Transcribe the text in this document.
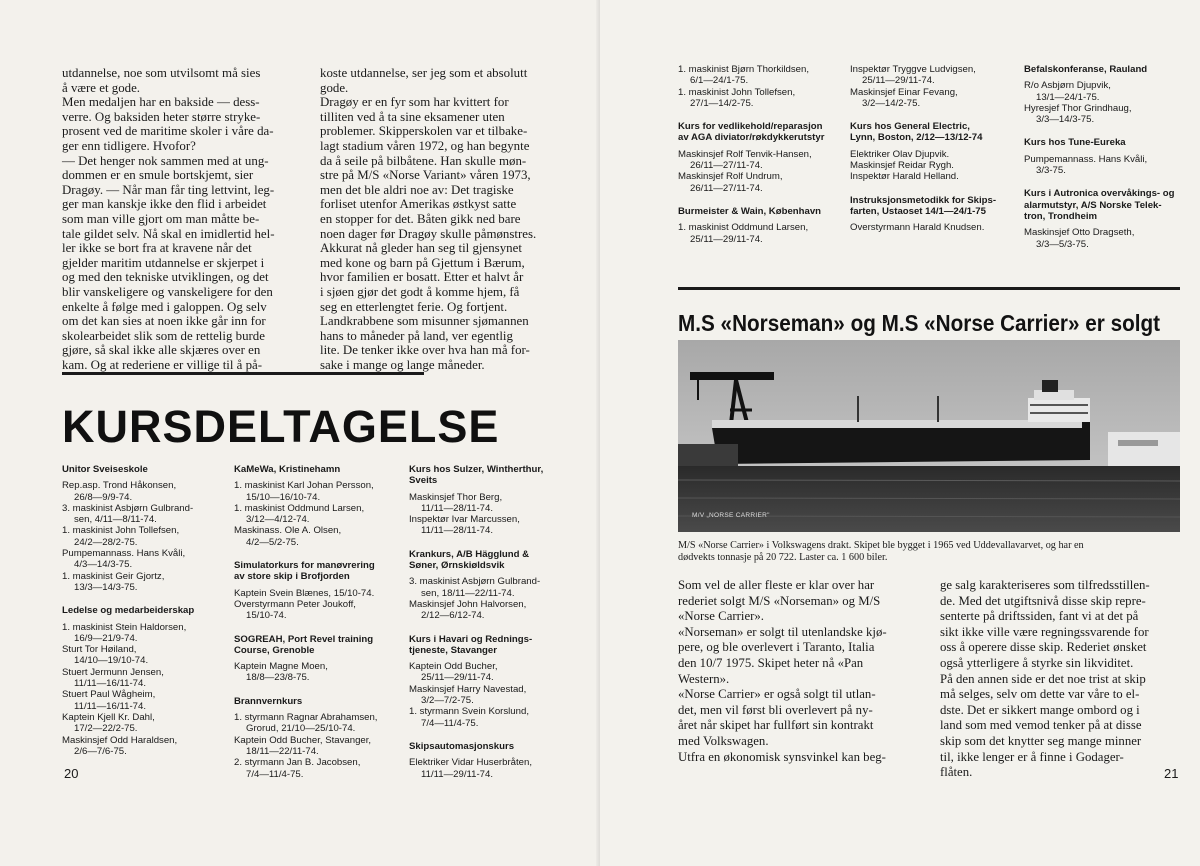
utdannelse, noe som utvilsomt må sies
å være et gode.
Men medaljen har en bakside — dess-
verre. Og baksiden heter større stryke-
prosent ved de maritime skoler i våre da-
ger enn tidligere. Hvofor?
— Det henger nok sammen med at ung-
dommen er en smule bortskjemt, sier
Dragøy. — Når man får ting lettvint, leg-
ger man kanskje ikke den flid i arbeidet
som man ville gjort om man måtte be-
tale gildet selv. Nå skal en imidlertid hel-
ler ikke se bort fra at kravene når det
gjelder maritim utdannelse er skjerpet i
og med den tekniske utviklingen, og det
blir vanskeligere og vanskeligere for den
enkelte å følge med i galoppen. Og selv
om det kan sies at noen ikke går inn for
skolearbeidet slik som de rettelig burde
gjøre, så skal ikke alle skjæres over en
kam. Og at rederiene er villige til å på-

koste utdannelse, ser jeg som et absolutt
gode.
Dragøy er en fyr som har kvittert for
tilliten ved å ta sine eksamener uten
problemer. Skipperskolen var et tilbake-
lagt stadium våren 1972, og han begynte
da å seile på bilbåtene. Han skulle møn-
stre på M/S «Norse Variant» våren 1973,
men det ble aldri noe av: Det tragiske
forliset utenfor Amerikas østkyst satte
en stopper for det. Båten gikk ned bare
noen dager før Dragøy skulle påmønstres.
Akkurat nå gleder han seg til gjensynet
med kone og barn på Gjettum i Bærum,
hvor familien er bosatt. Etter et halvt år
i sjøen gjør det godt å komme hjem, få
seg en etterlengtet ferie. Og fortjent.
Landkrabbene som misunner sjømannen
hans to måneder på land, ver egentlig
lite. De tenker ikke over hva han må for-
sake i mange og lange måneder.

KURSDELTAGELSE
Unitor Sveiseskole
Rep.asp. Trond Håkonsen,
26/8—9/9-74.
3. maskinist Asbjørn Gulbrand-
sen, 4/11—8/11-74.
1. maskinist John Tollefsen,
24/2—28/2-75.
Pumpemannass. Hans Kvåli,
4/3—14/3-75.
1. maskinist Geir Gjortz,
13/3—14/3-75.
Ledelse og medarbeiderskap
1. maskinist Stein Haldorsen,
16/9—21/9-74.
Sturt Tor Høiland,
14/10—19/10-74.
Stuert Jermunn Jensen,
11/11—16/11-74.
Stuert Paul Wågheim,
11/11—16/11-74.
Kaptein Kjell Kr. Dahl,
17/2—22/2-75.
Maskinsjef Odd Haraldsen,
2/6—7/6-75.
KaMeWa, Kristinehamn
1. maskinist Karl Johan Persson,
15/10—16/10-74.
1. maskinist Oddmund Larsen,
3/12—4/12-74.
Maskinass. Ole A. Olsen,
4/2—5/2-75.
Simulatorkurs for manøvrering
av store skip i Brofjorden
Kaptein Svein Blænes, 15/10-74.
Overstyrmann Peter Joukoff,
15/10-74.
SOGREAH, Port Revel training
Course, Grenoble
Kaptein Magne Moen,
18/8—23/8-75.
Brannvernkurs
1. styrmann Ragnar Abrahamsen,
Grorud, 21/10—25/10-74.
Kaptein Odd Bucher, Stavanger,
18/11—22/11-74.
2. styrmann Jan B. Jacobsen,
7/4—11/4-75.
Kurs hos Sulzer, Wintherthur,
Sveits
Maskinsjef Thor Berg,
11/11—28/11-74.
Inspektør Ivar Marcussen,
11/11—28/11-74.
Krankurs, A/B Hägglund &
Søner, Ørnskiøldsvik
3. maskinist Asbjørn Gulbrand-
sen, 18/11—22/11-74.
Maskinsjef John Halvorsen,
2/12—6/12-74.
Kurs i Havari og Rednings-
tjeneste, Stavanger
Kaptein Odd Bucher,
25/11—29/11-74.
Maskinsjef Harry Navestad,
3/2—7/2-75.
1. styrmann Svein Korslund,
7/4—11/4-75.
Skipsautomasjonskurs
Elektriker Vidar Huserbråten,
11/11—29/11-74.
20
1. maskinist Bjørn Thorkildsen,
6/1—24/1-75.
1. maskinist John Tollefsen,
27/1—14/2-75.
Kurs for vedlikehold/reparasjon
av AGA diviator/røkdykkerutstyr
Maskinsjef Rolf Tenvik-Hansen,
26/11—27/11-74.
Maskinsjef Rolf Undrum,
26/11—27/11-74.
Burmeister & Wain, København
1. maskinist Oddmund Larsen,
25/11—29/11-74.
Inspektør Tryggve Ludvigsen,
25/11—29/11-74.
Maskinsjef Einar Fevang,
3/2—14/2-75.
Kurs hos General Electric,
Lynn, Boston, 2/12—13/12-74
Elektriker Olav Djupvik.
Maskinsjef Reidar Rygh.
Inspektør Harald Helland.
Instruksjonsmetodikk for Skips-
farten, Ustaoset 14/1—24/1-75
Overstyrmann Harald Knudsen.
Befalskonferanse, Rauland
R/o Asbjørn Djupvik,
13/1—24/1-75.
Hyresjef Thor Grindhaug,
3/3—14/3-75.
Kurs hos Tune-Eureka
Pumpemannass. Hans Kvåli,
3/3-75.
Kurs i Autronica overvåkings- og
alarmutstyr, A/S Norske Telek-
tron, Trondheim
Maskinsjef Otto Dragseth,
3/3—5/3-75.
M.S «Norseman» og M.S «Norse Carrier» er solgt
M/V „NORSE CARRIER"
M/S «Norse Carrier» i Volkswagens drakt. Skipet ble bygget i 1965 ved Uddevallavarvet, og har en
dødvekts tonnasje på 20 722. Laster ca. 1 600 biler.

Som vel de aller fleste er klar over har
rederiet solgt M/S «Norseman» og M/S
«Norse Carrier».
«Norseman» er solgt til utenlandske kjø-
pere, og ble overlevert i Taranto, Italia
den 10/7 1975. Skipet heter nå «Pan
Western».
«Norse Carrier» er også solgt til utlan-
det, men vil først bli overlevert på ny-
året når skipet har fullført sin kontrakt
med Volkswagen.
Utfra en økonomisk synsvinkel kan beg-

ge salg karakteriseres som tilfredsstillen-
de. Med det utgiftsnivå disse skip repre-
senterte på driftssiden, fant vi at det på
sikt ikke ville være regningssvarende for
oss å operere disse skip. Rederiet ønsket
også ytterligere å styrke sin likviditet.
På den annen side er det noe trist at skip
må selges, selv om dette var våre to el-
dste. Det er sikkert mange ombord og i
land som med vemod tenker på at disse
skip som det knytter seg mange minner
til, ikke lenger er å finne i Godager-
flåten.	21
